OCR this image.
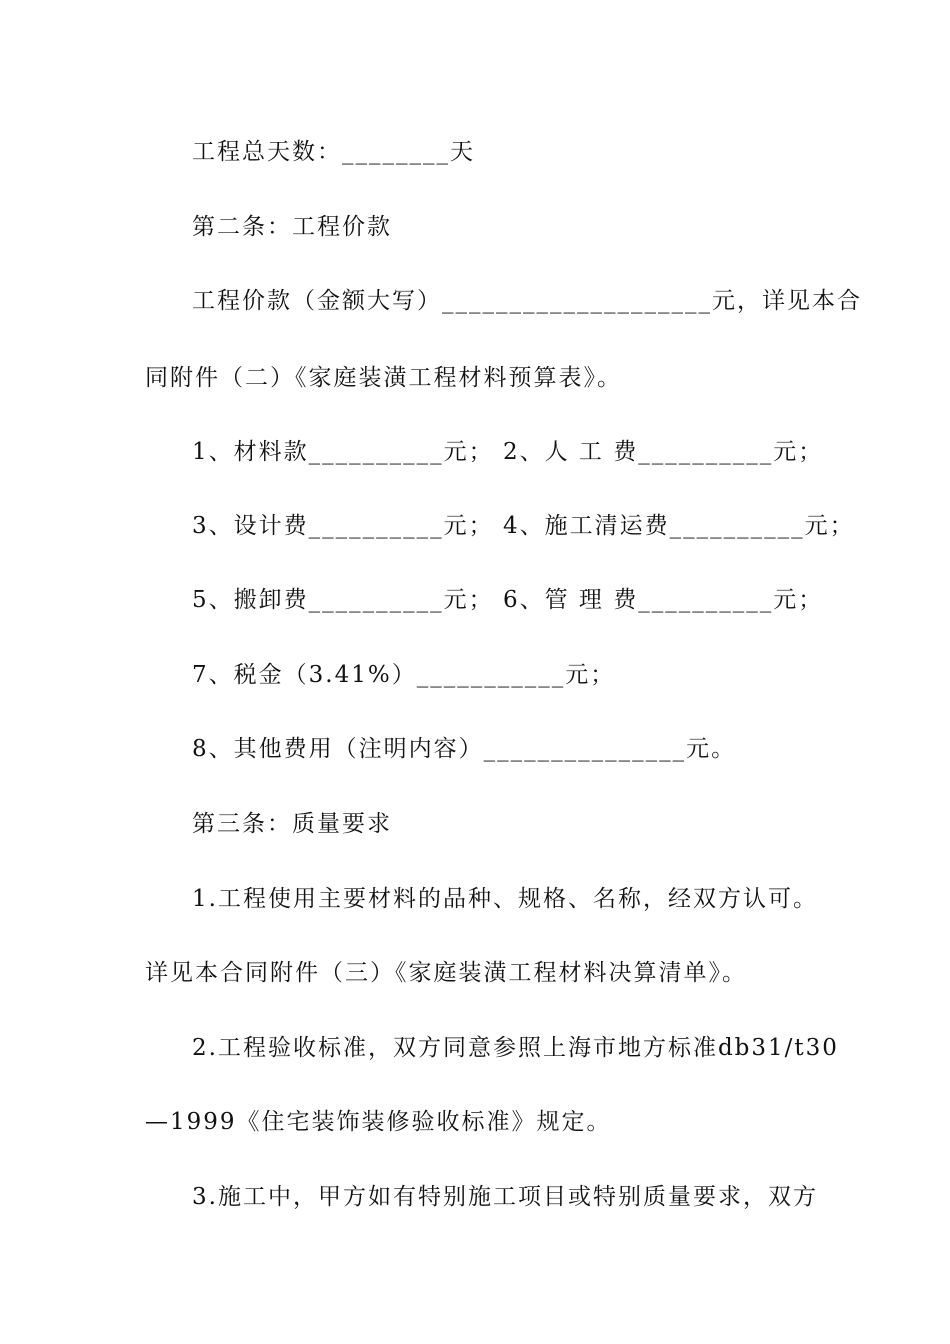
工程总天数：________天
第二条：工程价款
工程价款（金额大写）____________________元，详见本合
同附件（二）《家庭装潢工程材料预算表》。
1、材料款__________元； 2、人 工 费__________元；
3、设计费__________元； 4、施工清运费__________元；
5、搬卸费__________元； 6、管 理 费__________元；
7、税金（3.41%）___________元；
8、其他费用（注明内容）_______________元。
第三条：质量要求
1.工程使用主要材料的品种、规格、名称，经双方认可。
详见本合同附件（三）《家庭装潢工程材料决算清单》。
2.工程验收标准，双方同意参照上海市地方标准db31/t30
—1999《住宅装饰装修验收标准》规定。
3.施工中，甲方如有特别施工项目或特别质量要求，双方
